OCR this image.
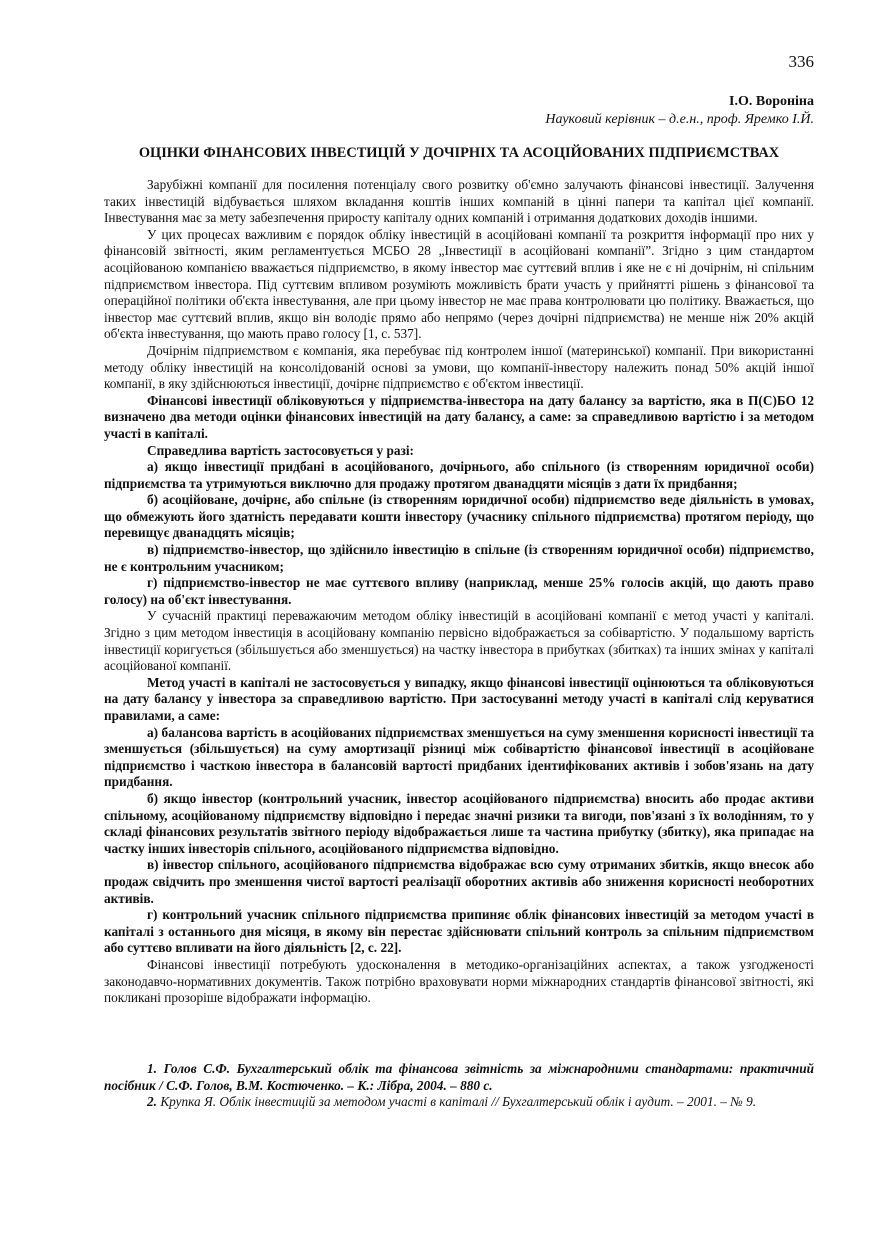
336
І.О. Вороніна
Науковий керівник – д.е.н., проф. Яремко І.Й.
ОЦІНКИ ФІНАНСОВИХ ІНВЕСТИЦІЙ У ДОЧІРНІХ ТА АСОЦІЙОВАНИХ ПІДПРИЄМСТВАХ

Зарубіжні компанії для посилення потенціалу свого розвитку об'ємно залучають фінансові інвестиції. Залучення таких інвестицій відбувається шляхом вкладання коштів інших компаній в цінні папери та капітал цієї компанії. Інвестування має за мету забезпечення приросту капіталу одних компаній і отримання додаткових доходів іншими.

У цих процесах важливим є порядок обліку інвестицій в асоційовані компанії та розкриття інформації про них у фінансовій звітності, яким регламентується МСБО 28 „Інвестиції в асоційовані компанії”. Згідно з цим стандартом асоційованою компанією вважається підприємство, в якому інвестор має суттєвий вплив і яке не є ні дочірнім, ні спільним підприємством інвестора. Під суттєвим впливом розуміють можливість брати участь у прийнятті рішень з фінансової та операційної політики об'єкта інвестування, але при цьому інвестор не має права контролювати цю політику. Вважається, що інвестор має суттєвий вплив, якщо він володіє прямо або непрямо (через дочірні підприємства) не менше ніж 20% акцій об'єкта інвестування, що мають право голосу [1, с. 537].

Дочірнім підприємством є компанія, яка перебуває під контролем іншої (материнської) компанії. При використанні методу обліку інвестицій на консолідованій основі за умови, що компанії-інвестору належить понад 50% акцій іншої компанії, в яку здійснюються інвестиції, дочірнє підприємство є об'єктом інвестиції.

Фінансові інвестиції обліковуються у підприємства-інвестора на дату балансу за вартістю, яка в П(С)БО 12 визначено два методи оцінки фінансових інвестицій на дату балансу, а саме: за справедливою вартістю і за методом участі в капіталі.

Справедлива вартість застосовується у разі:

а) якщо інвестиції придбані в асоційованого, дочірнього, або спільного (із створенням юридичної особи) підприємства та утримуються виключно для продажу протягом дванадцяти місяців з дати їх придбання;

б) асоційоване, дочірнє, або спільне (із створенням юридичної особи) підприємство веде діяльність в умовах, що обмежують його здатність передавати кошти інвестору (учаснику спільного підприємства) протягом періоду, що перевищує дванадцять місяців;

в) підприємство-інвестор, що здійснило інвестицію в спільне (із створенням юридичної особи) підприємство, не є контрольним учасником;

г) підприємство-інвестор не має суттєвого впливу (наприклад, менше 25% голосів акцій, що дають право голосу) на об'єкт інвестування.

У сучасній практиці переважаючим методом обліку інвестицій в асоційовані компанії є метод участі у капіталі. Згідно з цим методом інвестиція в асоційовану компанію первісно відображається за собівартістю. У подальшому вартість інвестиції коригується (збільшується або зменшується) на частку інвестора в прибутках (збитках) та інших змінах у капіталі асоційованої компанії.

Метод участі в капіталі не застосовується у випадку, якщо фінансові інвестиції оцінюються та обліковуються на дату балансу у інвестора за справедливою вартістю. При застосуванні методу участі в капіталі слід керуватися правилами, а саме:

а) балансова вартість в асоційованих підприємствах зменшується на суму зменшення корисності інвестиції та зменшується (збільшується) на суму амортизації різниці між собівартістю фінансової інвестиції в асоційоване підприємство і часткою інвестора в балансовій вартості придбаних ідентифікованих активів і зобов'язань на дату придбання.

б) якщо інвестор (контрольний учасник, інвестор асоційованого підприємства) вносить або продає активи спільному, асоційованому підприємству відповідно і передає значні ризики та вигоди, пов'язані з їх володінням, то у складі фінансових результатів звітного періоду відображається лише та частина прибутку (збитку), яка припадає на частку інших інвесторів спільного, асоційованого підприємства відповідно.

в) інвестор спільного, асоційованого підприємства відображає всю суму отриманих збитків, якщо внесок або продаж свідчить про зменшення чистої вартості реалізації оборотних активів або зниження корисності необоротних активів.

г) контрольний учасник спільного підприємства припиняє облік фінансових інвестицій за методом участі в капіталі з останнього дня місяця, в якому він перестає здійснювати спільний контроль за спільним підприємством або суттєво впливати на його діяльність [2, с. 22].

Фінансові інвестиції потребують удосконалення в методико-організаційних аспектах, а також узгодженості законодавчо-нормативних документів. Також потрібно враховувати норми міжнародних стандартів фінансової звітності, які покликані прозоріше відображати інформацію.

1. Голов С.Ф. Бухгалтерський облік та фінансова звітність за міжнародними стандартами: практичний посібник / С.Ф. Голов, В.М. Костюченко. – К.: Лібра, 2004. – 880 с.

2. Крупка Я. Облік інвестицій за методом участі в капіталі // Бухгалтерський облік і аудит. – 2001. – № 9.
